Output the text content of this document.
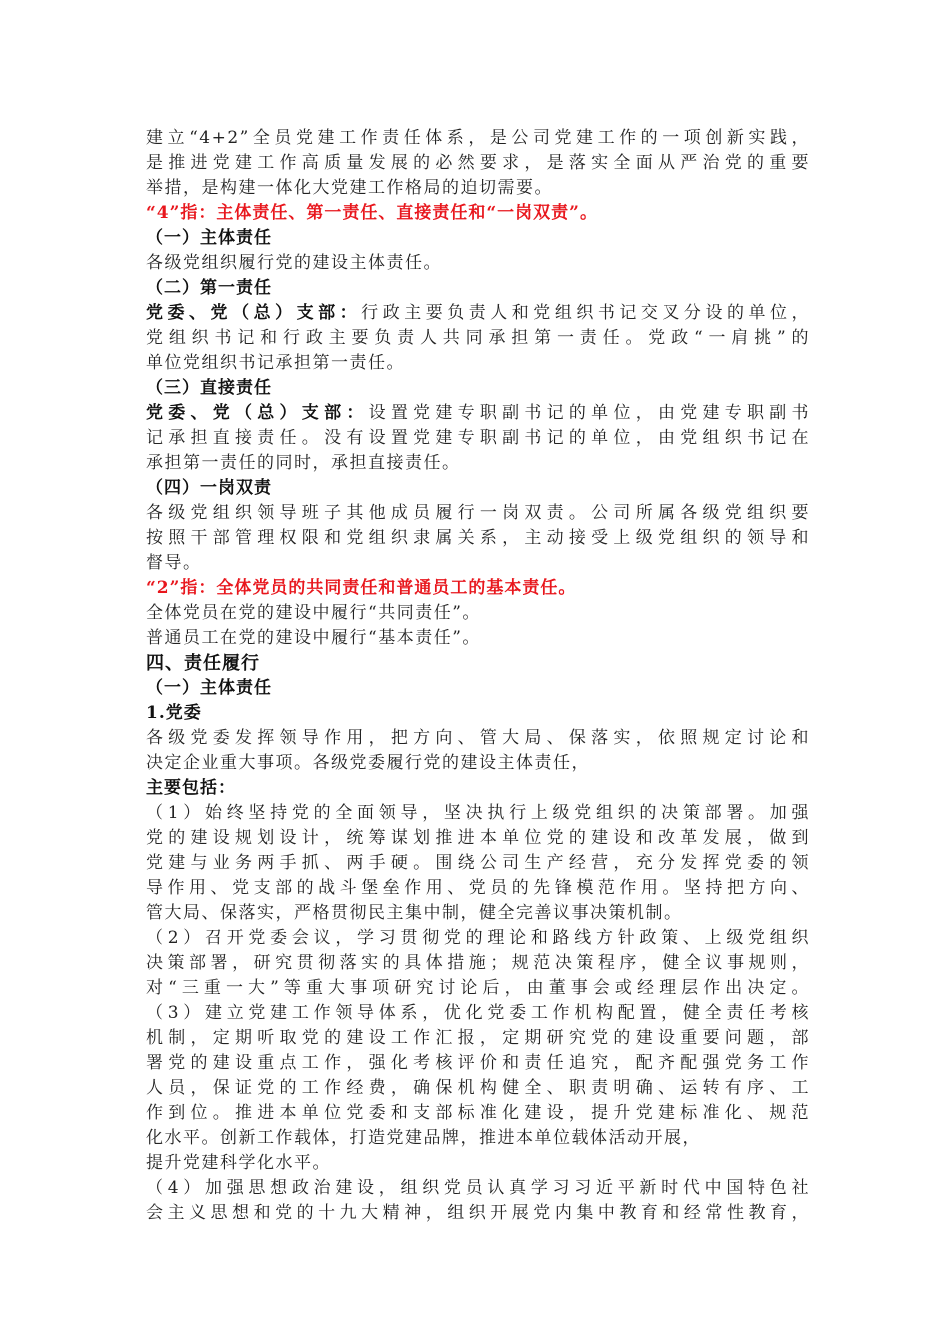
建立“4+2”全员党建工作责任体系，是公司党建工作的一项创新实践，
是推进党建工作高质量发展的必然要求，是落实全面从严治党的重要
举措，是构建一体化大党建工作格局的迫切需要。
“4”指：主体责任、第一责任、直接责任和“一岗双责”。
（一）主体责任
各级党组织履行党的建设主体责任。
（二）第一责任
党委、党（总）支部：行政主要负责人和党组织书记交叉分设的单位，
党组织书记和行政主要负责人共同承担第一责任。党政“一肩挑”的
单位党组织书记承担第一责任。
（三）直接责任
党委、党（总）支部：设置党建专职副书记的单位，由党建专职副书
记承担直接责任。没有设置党建专职副书记的单位，由党组织书记在
承担第一责任的同时，承担直接责任。
（四）一岗双责
各级党组织领导班子其他成员履行一岗双责。公司所属各级党组织要
按照干部管理权限和党组织隶属关系，主动接受上级党组织的领导和
督导。
“2”指：全体党员的共同责任和普通员工的基本责任。
全体党员在党的建设中履行“共同责任”。
普通员工在党的建设中履行“基本责任”。
四、责任履行
（一）主体责任
1.党委
各级党委发挥领导作用，把方向、管大局、保落实，依照规定讨论和
决定企业重大事项。各级党委履行党的建设主体责任，
主要包括：
（1）始终坚持党的全面领导，坚决执行上级党组织的决策部署。加强
党的建设规划设计，统筹谋划推进本单位党的建设和改革发展，做到
党建与业务两手抓、两手硬。围绕公司生产经营，充分发挥党委的领
导作用、党支部的战斗堡垒作用、党员的先锋模范作用。坚持把方向、
管大局、保落实，严格贯彻民主集中制，健全完善议事决策机制。
（2）召开党委会议，学习贯彻党的理论和路线方针政策、上级党组织
决策部署，研究贯彻落实的具体措施；规范决策程序，健全议事规则，
对“三重一大”等重大事项研究讨论后，由董事会或经理层作出决定。
（3）建立党建工作领导体系，优化党委工作机构配置，健全责任考核
机制，定期听取党的建设工作汇报，定期研究党的建设重要问题，部
署党的建设重点工作，强化考核评价和责任追究，配齐配强党务工作
人员，保证党的工作经费，确保机构健全、职责明确、运转有序、工
作到位。推进本单位党委和支部标准化建设，提升党建标准化、规范
化水平。创新工作载体，打造党建品牌，推进本单位载体活动开展，
提升党建科学化水平。
（4）加强思想政治建设，组织党员认真学习习近平新时代中国特色社
会主义思想和党的十九大精神，组织开展党内集中教育和经常性教育，
